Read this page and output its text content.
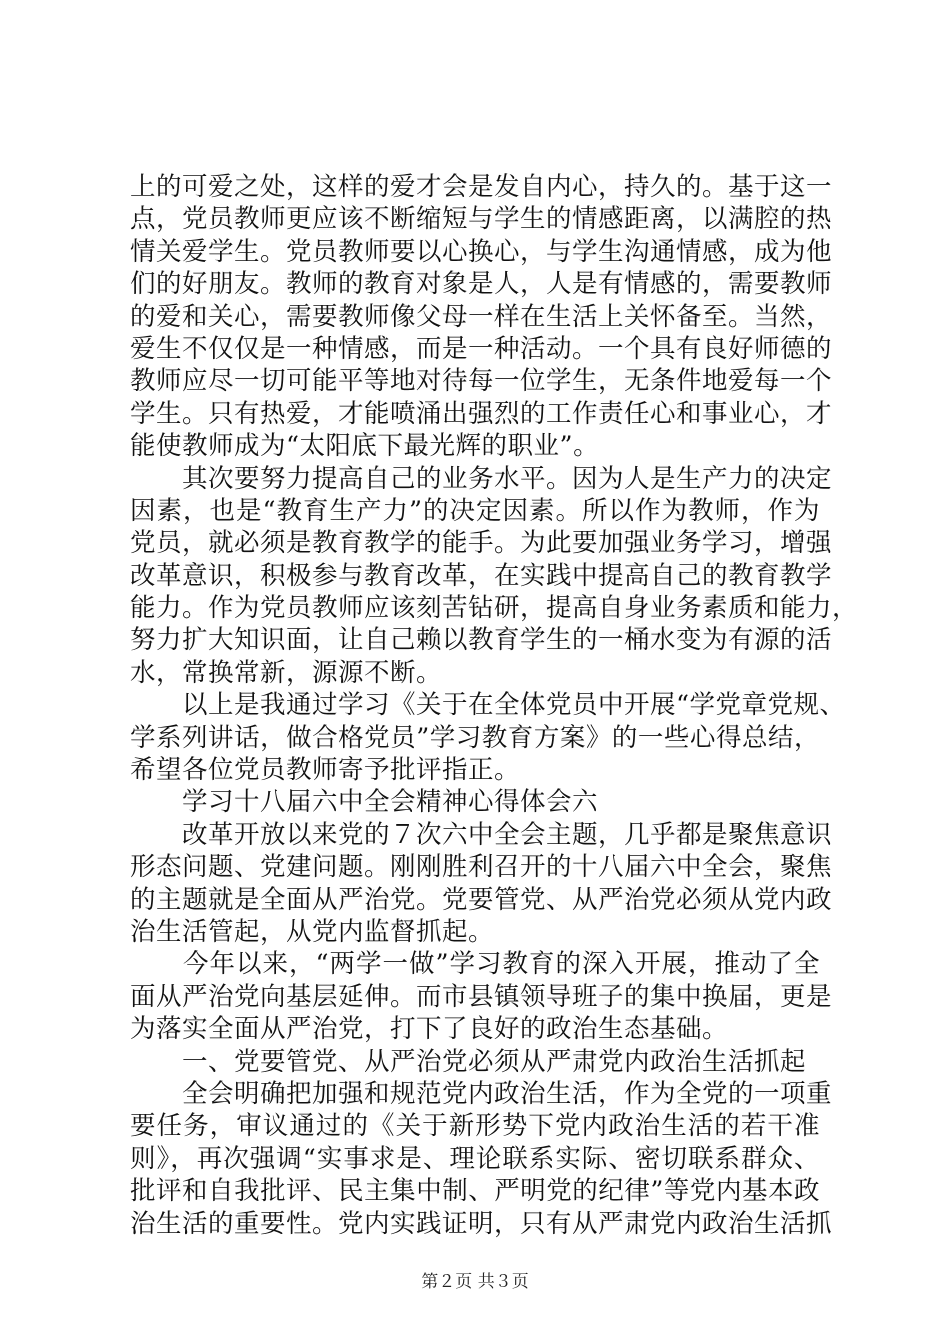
上的可爱之处，这样的爱才会是发自内心，持久的。基于这一
点，党员教师更应该不断缩短与学生的情感距离，以满腔的热
情关爱学生。党员教师要以心换心，与学生沟通情感，成为他
们的好朋友。教师的教育对象是人，人是有情感的，需要教师
的爱和关心，需要教师像父母一样在生活上关怀备至。当然，
爱生不仅仅是一种情感，而是一种活动。一个具有良好师德的
教师应尽一切可能平等地对待每一位学生，无条件地爱每一个
学生。只有热爱，才能喷涌出强烈的工作责任心和事业心，才
能使教师成为“太阳底下最光辉的职业”。
　　其次要努力提高自己的业务水平。因为人是生产力的决定
因素，也是“教育生产力”的决定因素。所以作为教师，作为
党员，就必须是教育教学的能手。为此要加强业务学习，增强
改革意识，积极参与教育改革，在实践中提高自己的教育教学
能力。作为党员教师应该刻苦钻研，提高自身业务素质和能力，
努力扩大知识面，让自己赖以教育学生的一桶水变为有源的活
水，常换常新，源源不断。
　　以上是我通过学习《关于在全体党员中开展“学党章党规、
学系列讲话，做合格党员”学习教育方案》的一些心得总结，
希望各位党员教师寄予批评指正。
　　学习十八届六中全会精神心得体会六
　　改革开放以来党的７次六中全会主题，几乎都是聚焦意识
形态问题、党建问题。刚刚胜利召开的十八届六中全会，聚焦
的主题就是全面从严治党。党要管党、从严治党必须从党内政
治生活管起，从党内监督抓起。
　　今年以来，“两学一做”学习教育的深入开展，推动了全
面从严治党向基层延伸。而市县镇领导班子的集中换届，更是
为落实全面从严治党，打下了良好的政治生态基础。
　　一、党要管党、从严治党必须从严肃党内政治生活抓起
　　全会明确把加强和规范党内政治生活，作为全党的一项重
要任务，审议通过的《关于新形势下党内政治生活的若干准
则》，再次强调“实事求是、理论联系实际、密切联系群众、
批评和自我批评、民主集中制、严明党的纪律”等党内基本政
治生活的重要性。党内实践证明，只有从严肃党内政治生活抓
第２页 共３页
